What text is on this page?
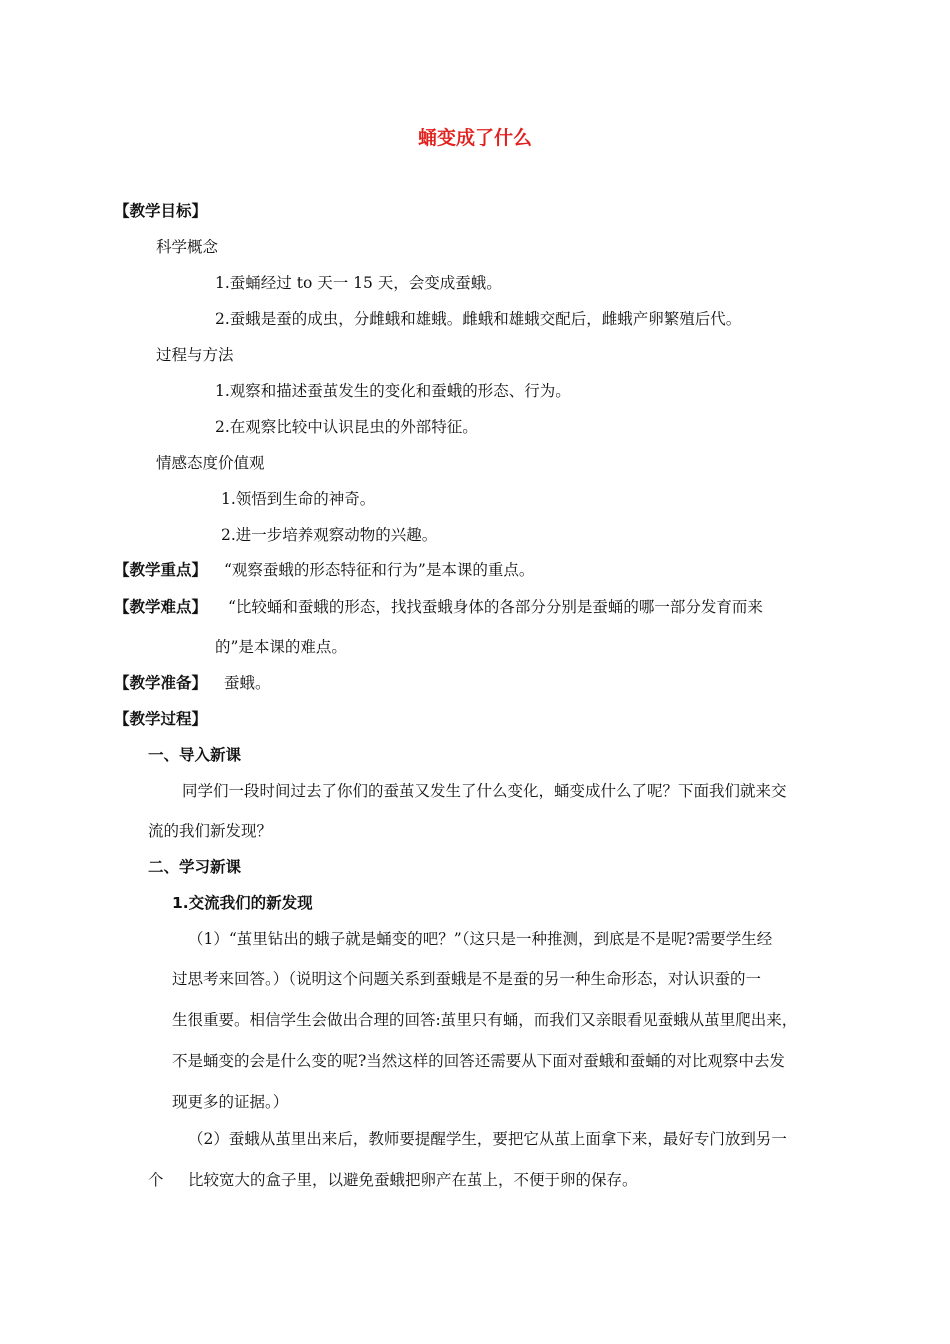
蛹变成了什么
【教学目标】
科学概念
1.蚕蛹经过 to 天一 15 天，会变成蚕蛾。
2.蚕蛾是蚕的成虫，分雌蛾和雄蛾。雌蛾和雄蛾交配后，雌蛾产卵繁殖后代。
过程与方法
1.观察和描述蚕茧发生的变化和蚕蛾的形态、行为。
2.在观察比较中认识昆虫的外部特征。
情感态度价值观
1.领悟到生命的神奇。
2.进一步培养观察动物的兴趣。
【教学重点】 “观察蚕蛾的形态特征和行为”是本课的重点。
【教学难点】 “比较蛹和蚕蛾的形态，找找蚕蛾身体的各部分分别是蚕蛹的哪一部分发育而来
的”是本课的难点。
【教学准备】 蚕蛾。
【教学过程】
一、导入新课
同学们一段时间过去了你们的蚕茧又发生了什么变化，蛹变成什么了呢？下面我们就来交
流的我们新发现？
二、学习新课
1.交流我们的新发现
（1）“茧里钻出的蛾子就是蛹变的吧？”（这只是一种推测，到底是不是呢?需要学生经
过思考来回答。）（说明这个问题关系到蚕蛾是不是蚕的另一种生命形态，对认识蚕的一
生很重要。相信学生会做出合理的回答:茧里只有蛹，而我们又亲眼看见蚕蛾从茧里爬出来，
不是蛹变的会是什么变的呢?当然这样的回答还需要从下面对蚕蛾和蚕蛹的对比观察中去发
现更多的证据。）
（2）蚕蛾从茧里出来后，教师要提醒学生，要把它从茧上面拿下来，最好专门放到另一
个 比较宽大的盒子里，以避免蚕蛾把卵产在茧上，不便于卵的保存。
